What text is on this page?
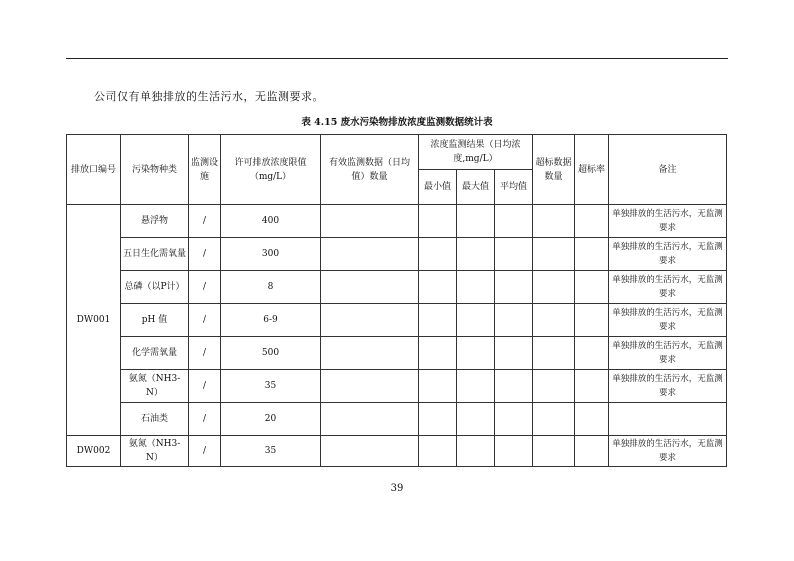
公司仅有单独排放的生活污水，无监测要求。
表 4.15 废水污染物排放浓度监测数据统计表
排放口编号	污染物种类	监测设施	许可排放浓度限值（mg/L）	有效监测数据（日均值）数量	浓度监测结果（日均浓度,mg/L）			超标数据数量	超标率	备注
					最小值	最大值	平均值			
DW001	悬浮物	/	400							单独排放的生活污水，无监测要求
	五日生化需氧量	/	300							单独排放的生活污水，无监测要求
	总磷（以P计）	/	8							单独排放的生活污水，无监测要求
	pH 值	/	6-9							单独排放的生活污水，无监测要求
	化学需氧量	/	500							单独排放的生活污水，无监测要求
	氨氮（NH3-N）	/	35							单独排放的生活污水，无监测要求
	石油类	/	20							
DW002	氨氮（NH3-N）	/	35							单独排放的生活污水，无监测要求
39
